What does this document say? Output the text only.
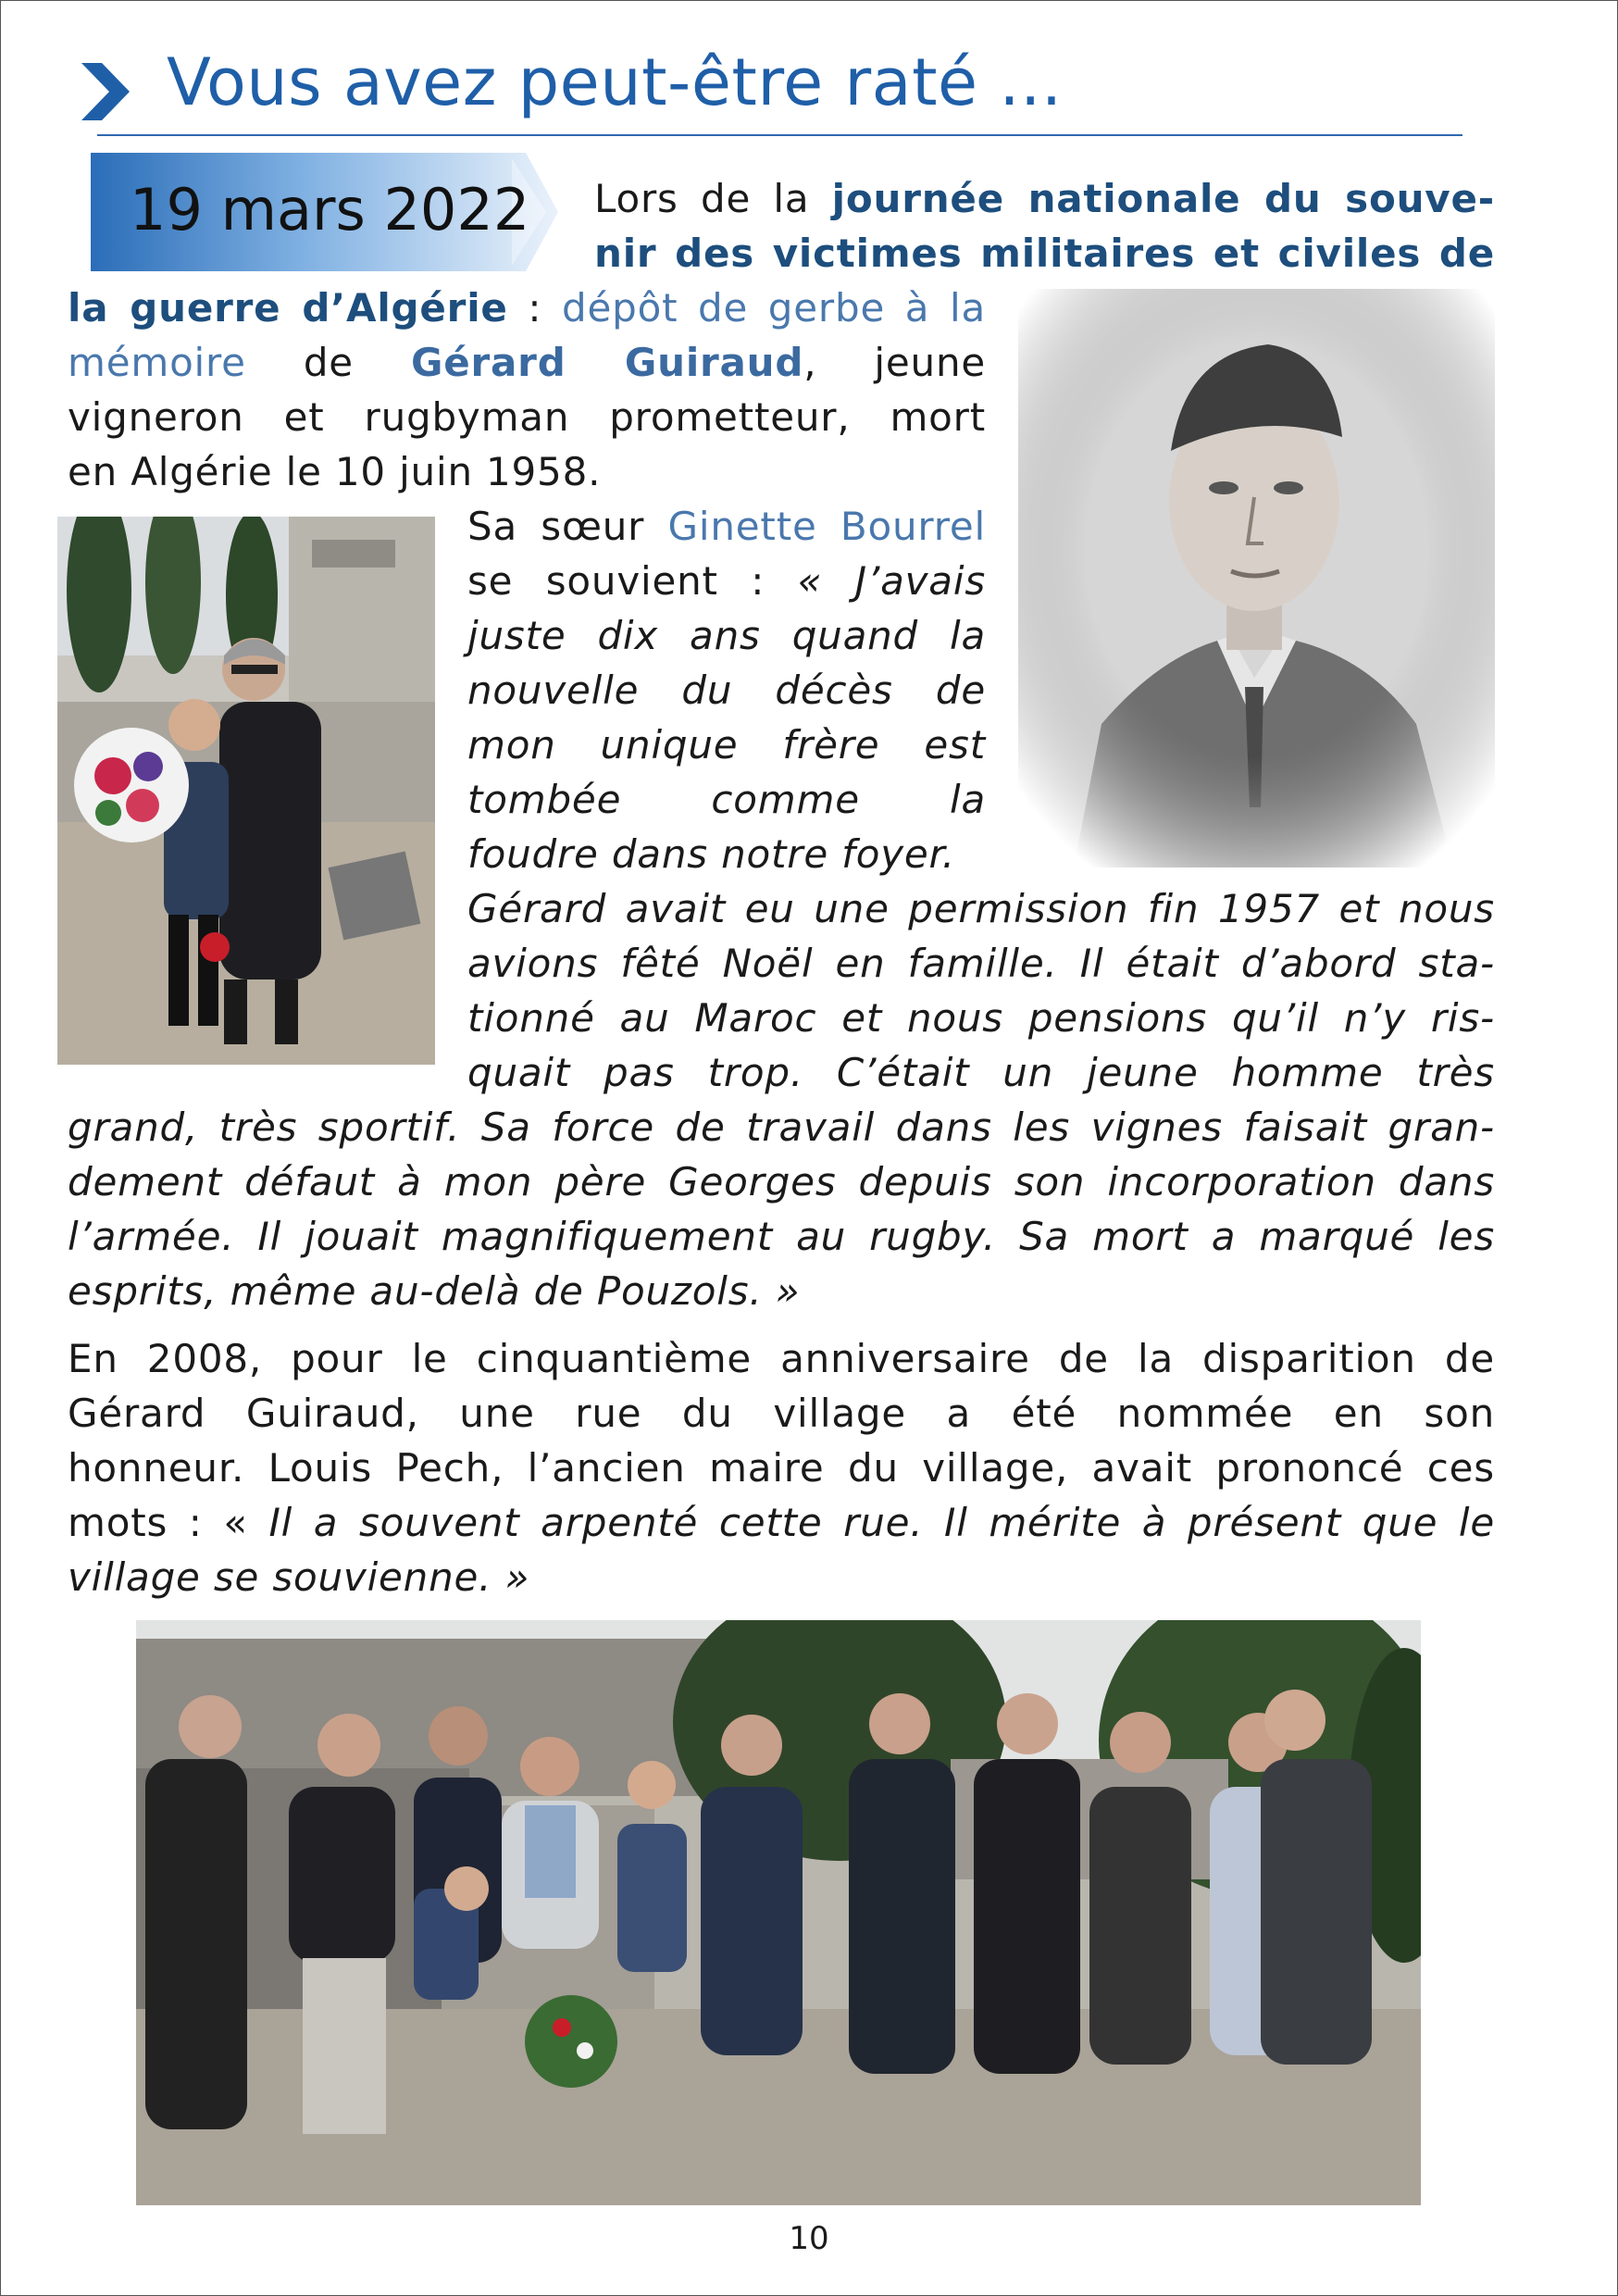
Vous avez peut-être raté ...
19 mars 2022 Lors de la journée nationale du souve-
nir des victimes militaires et civiles de
la guerre d’Algérie : dépôt de gerbe à la
mémoire de Gérard Guiraud, jeune
vigneron et rugbyman prometteur, mort
en Algérie le 10 juin 1958.
Sa sœur Ginette Bourrel
se souvient : « J’avais
juste dix ans quand la
nouvelle du décès de
mon unique frère est
tombée comme la
foudre dans notre foyer.
Gérard avait eu une permission fin 1957 et nous
avions fêté Noël en famille. Il était d’abord sta-
tionné au Maroc et nous pensions qu’il n’y ris-
quait pas trop. C’était un jeune homme très
grand, très sportif. Sa force de travail dans les vignes faisait gran-
dement défaut à mon père Georges depuis son incorporation dans
l’armée. Il jouait magnifiquement au rugby. Sa mort a marqué les
esprits, même au-delà de Pouzols. »
En 2008, pour le cinquantième anniversaire de la disparition de
Gérard Guiraud, une rue du village a été nommée en son
honneur. Louis Pech, l’ancien maire du village, avait prononcé ces
mots : « Il a souvent arpenté cette rue. Il mérite à présent que le
village se souvienne. »
10
